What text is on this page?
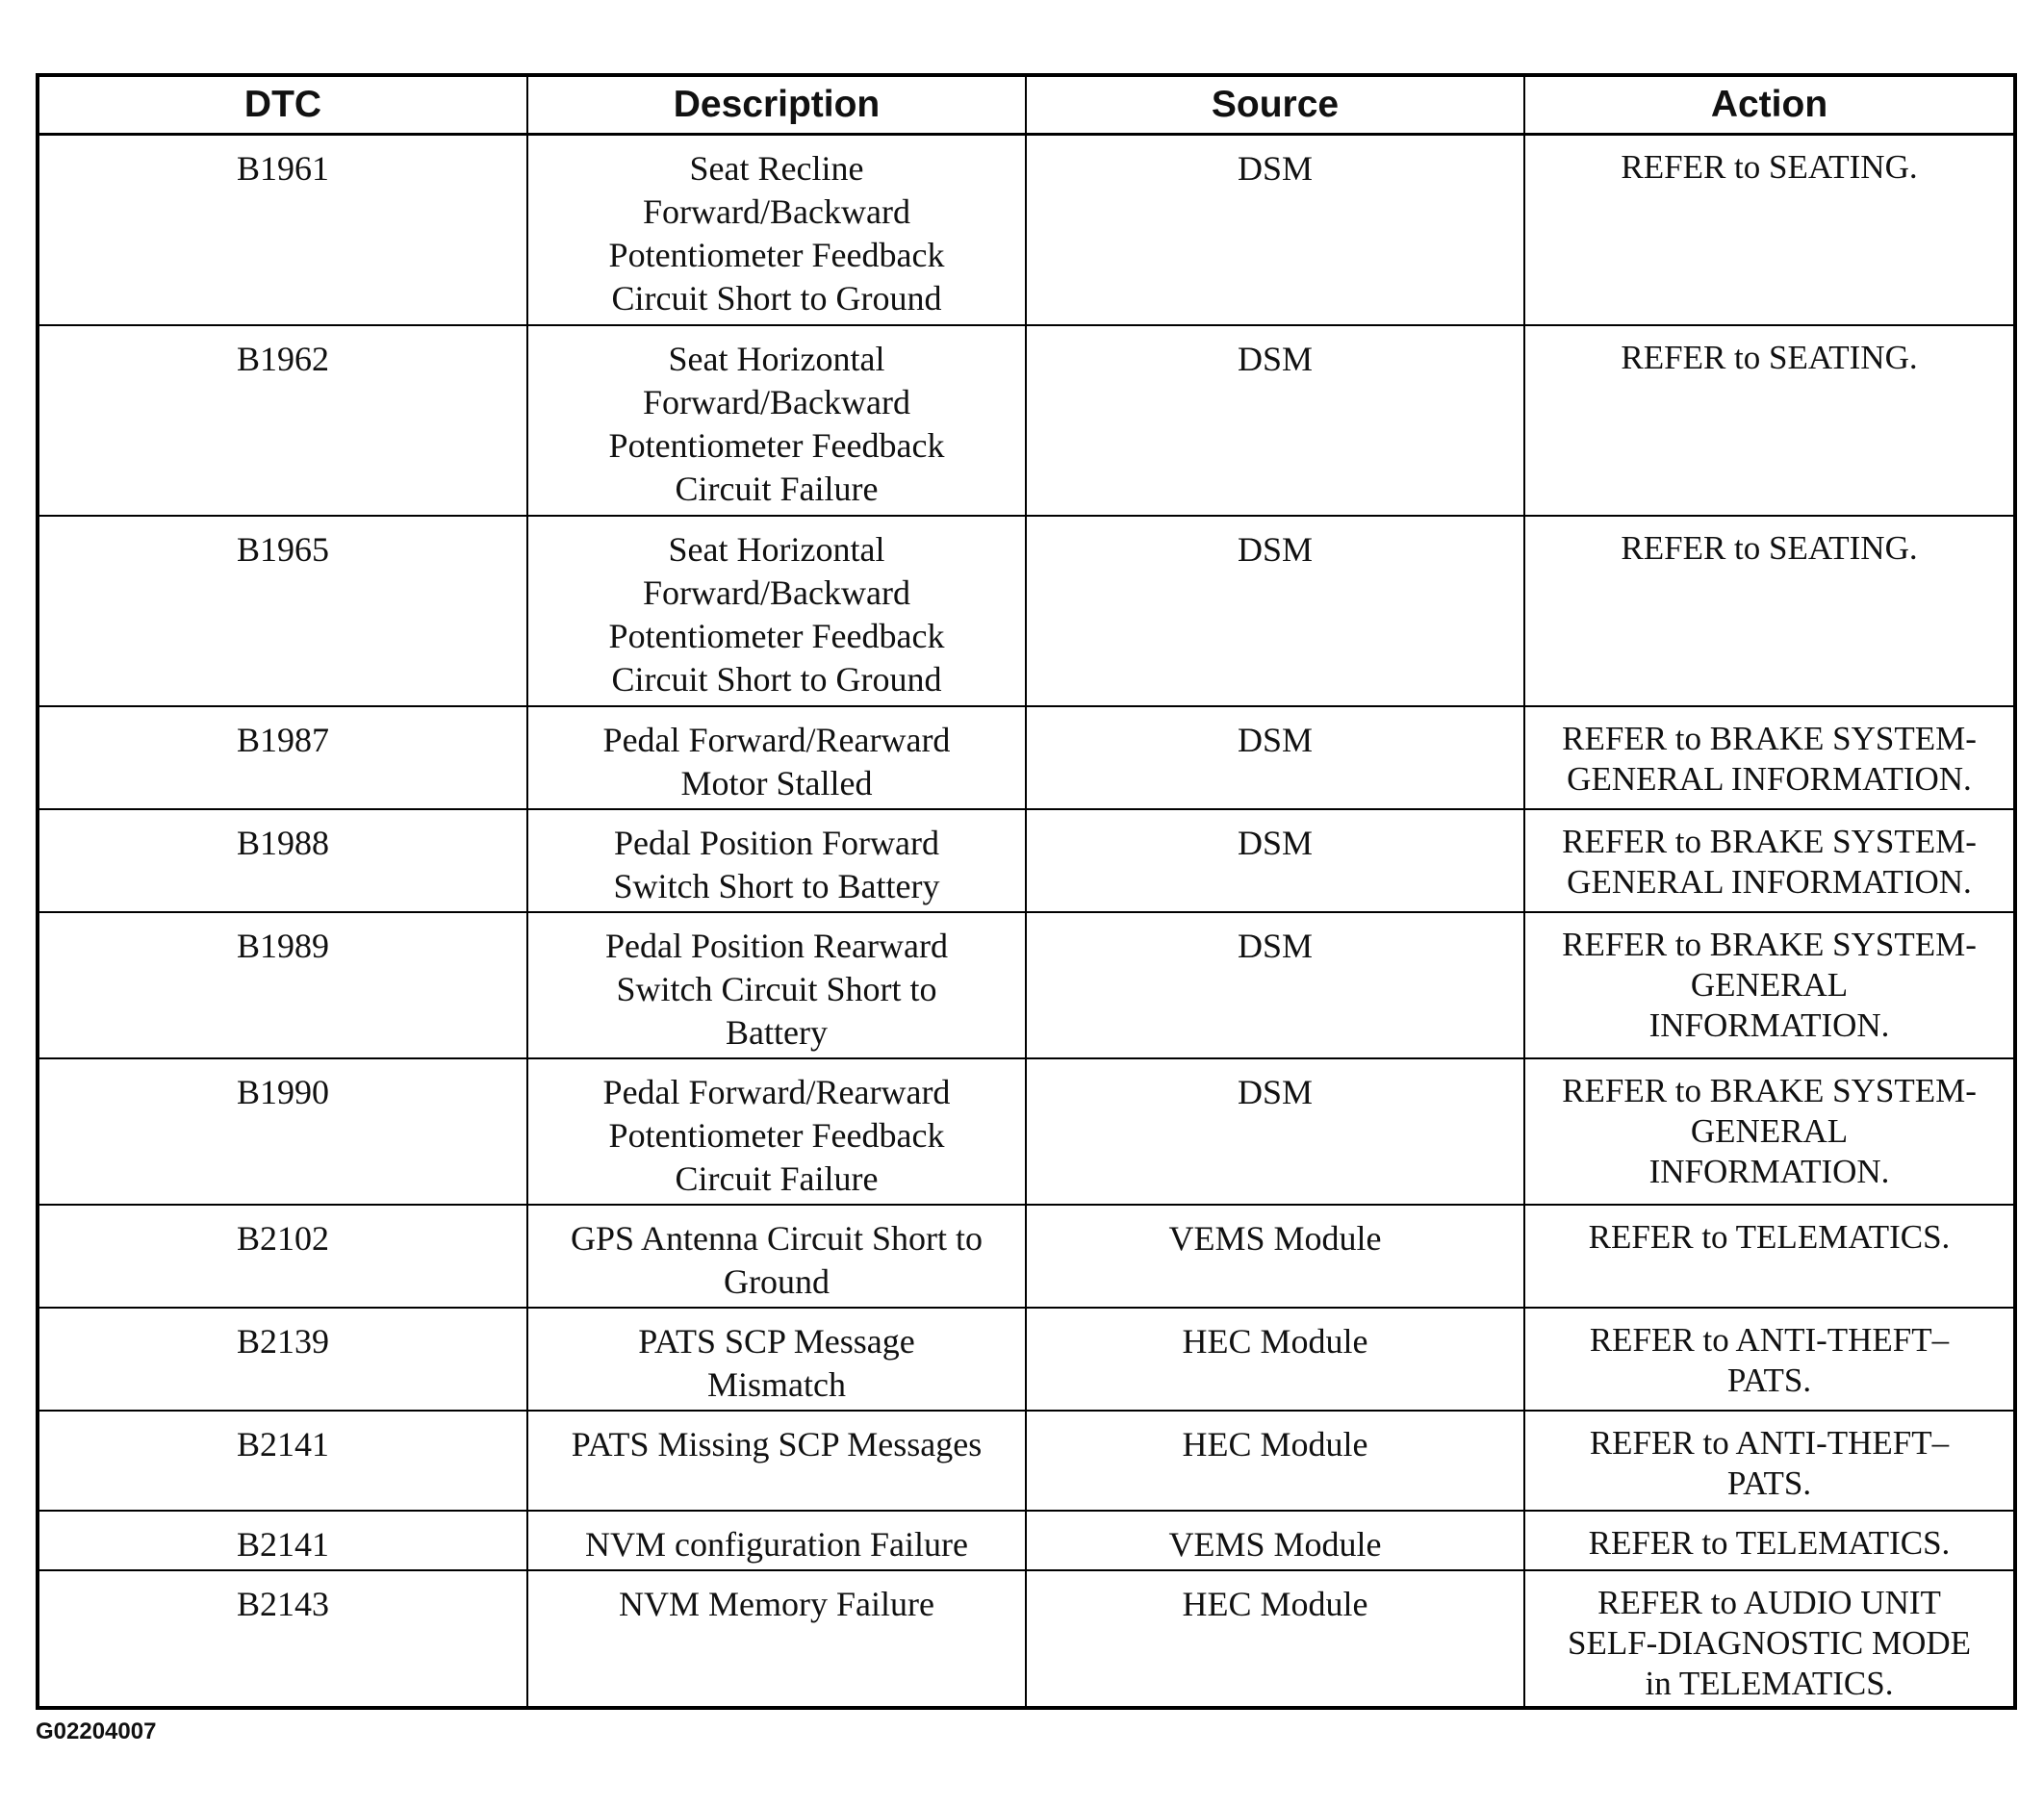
DTC	Description	Source	Action
B1961	Seat Recline
Forward/Backward
Potentiometer Feedback
Circuit Short to Ground	DSM	REFER to SEATING.
B1962	Seat Horizontal
Forward/Backward
Potentiometer Feedback
Circuit Failure	DSM	REFER to SEATING.
B1965	Seat Horizontal
Forward/Backward
Potentiometer Feedback
Circuit Short to Ground	DSM	REFER to SEATING.
B1987	Pedal Forward/Rearward
Motor Stalled	DSM	REFER to BRAKE SYSTEM-
GENERAL INFORMATION.
B1988	Pedal Position Forward
Switch Short to Battery	DSM	REFER to BRAKE SYSTEM-
GENERAL INFORMATION.
B1989	Pedal Position Rearward
Switch Circuit Short to
Battery	DSM	REFER to BRAKE SYSTEM-
GENERAL
INFORMATION.
B1990	Pedal Forward/Rearward
Potentiometer Feedback
Circuit Failure	DSM	REFER to BRAKE SYSTEM-
GENERAL
INFORMATION.
B2102	GPS Antenna Circuit Short to
Ground	VEMS Module	REFER to TELEMATICS.
B2139	PATS SCP Message
Mismatch	HEC Module	REFER to ANTI-THEFT–
PATS.
B2141	PATS Missing SCP Messages	HEC Module	REFER to ANTI-THEFT–
PATS.
B2141	NVM configuration Failure	VEMS Module	REFER to TELEMATICS.
B2143	NVM Memory Failure	HEC Module	REFER to AUDIO UNIT
SELF-DIAGNOSTIC MODE
in TELEMATICS.
G02204007
